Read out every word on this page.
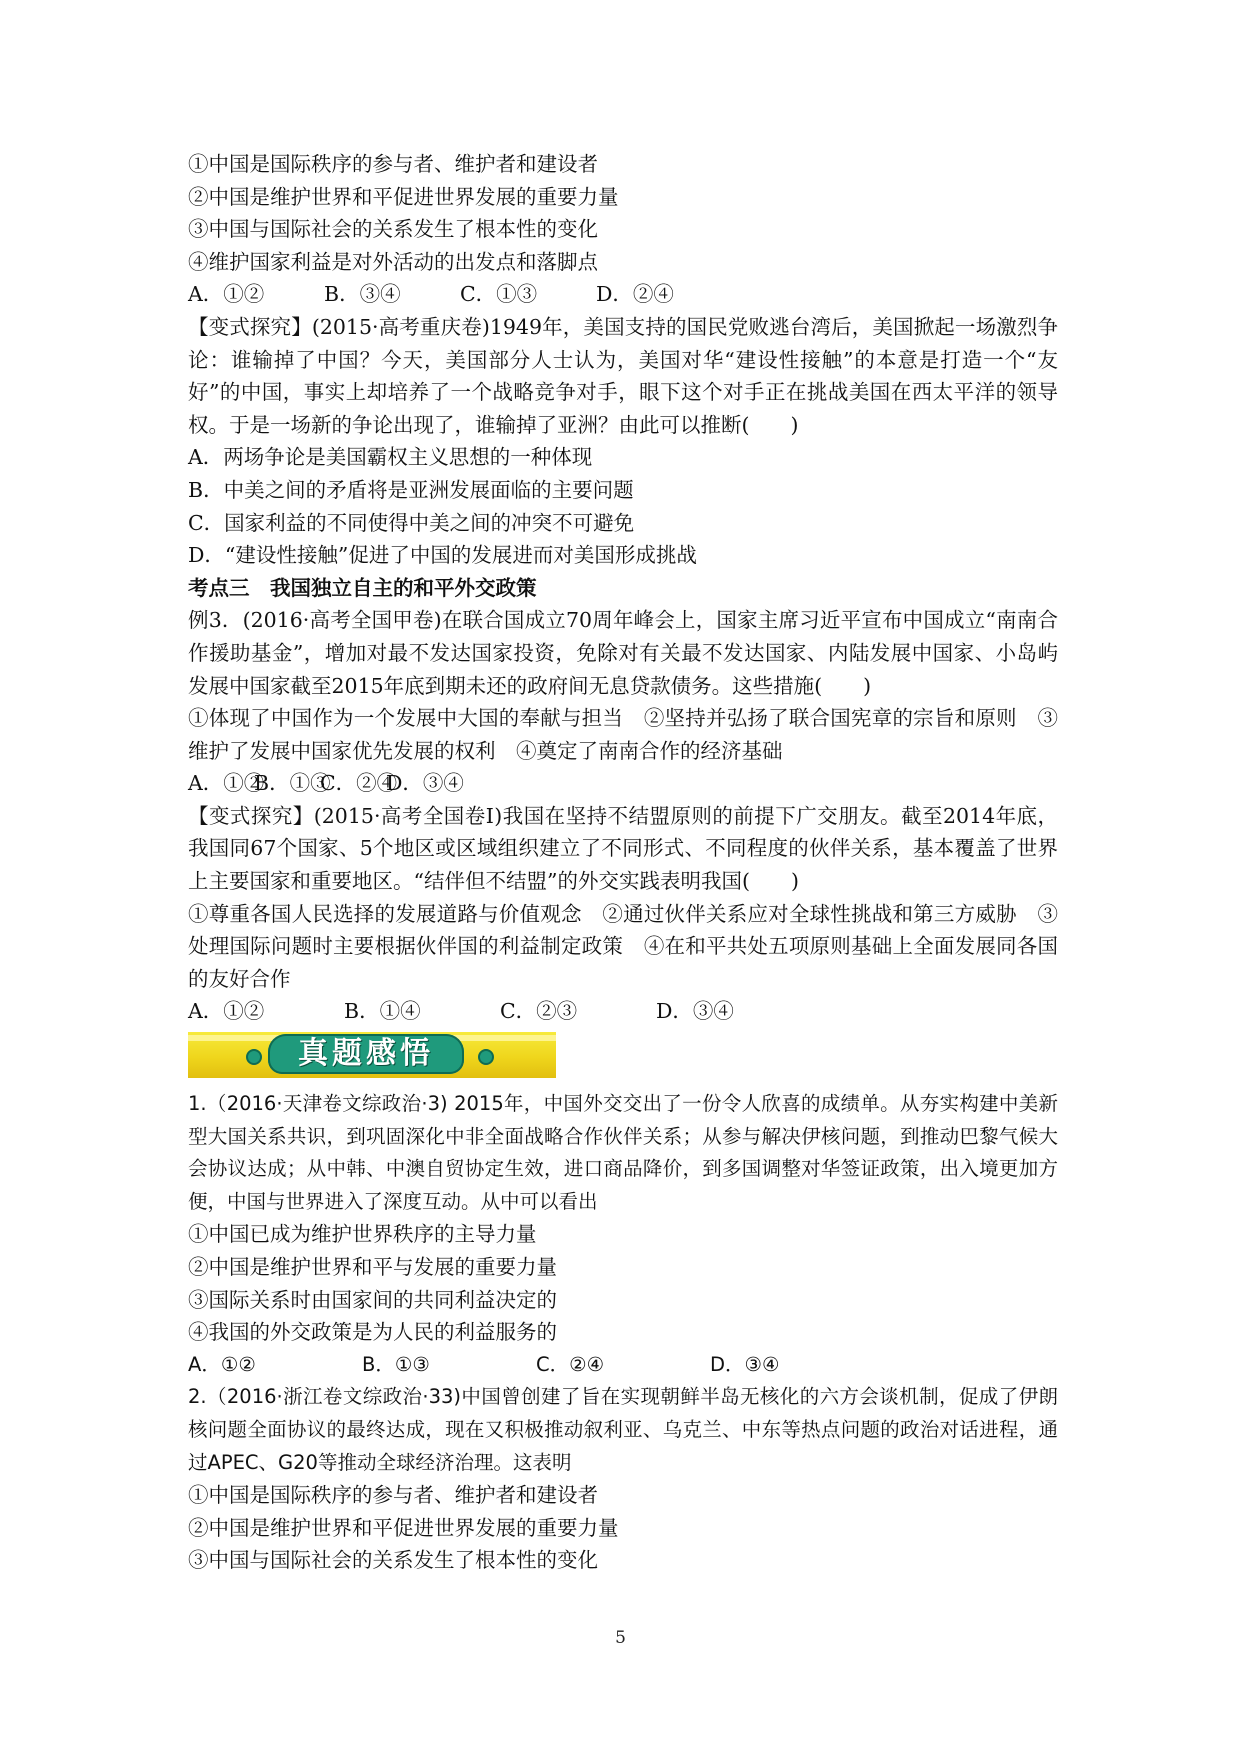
①中国是国际秩序的参与者、维护者和建设者
②中国是维护世界和平促进世界发展的重要力量
③中国与国际社会的关系发生了根本性的变化
④维护国家利益是对外活动的出发点和落脚点
A．①②	B．③④	C．①③	D．②④
【变式探究】(2015·高考重庆卷)1949年，美国支持的国民党败逃台湾后，美国掀起一场激烈争论：谁输掉了中国？今天，美国部分人士认为，美国对华“建设性接触”的本意是打造一个“友好”的中国，事实上却培养了一个战略竞争对手，眼下这个对手正在挑战美国在西太平洋的领导权。于是一场新的争论出现了，谁输掉了亚洲？由此可以推断(　　)
A．两场争论是美国霸权主义思想的一种体现
B．中美之间的矛盾将是亚洲发展面临的主要问题
C．国家利益的不同使得中美之间的冲突不可避免
D．“建设性接触”促进了中国的发展进而对美国形成挑战
考点三　我国独立自主的和平外交政策
例3．(2016·高考全国甲卷)在联合国成立70周年峰会上，国家主席习近平宣布中国成立“南南合作援助基金”，增加对最不发达国家投资，免除对有关最不发达国家、内陆发展中国家、小岛屿发展中国家截至2015年底到期未还的政府间无息贷款债务。这些措施(　　)
①体现了中国作为一个发展中大国的奉献与担当　②坚持并弘扬了联合国宪章的宗旨和原则　③维护了发展中国家优先发展的权利　④奠定了南南合作的经济基础
A．①②B．①③C．②④D．③④
【变式探究】(2015·高考全国卷Ⅰ)我国在坚持不结盟原则的前提下广交朋友。截至2014年底，我国同67个国家、5个地区或区域组织建立了不同形式、不同程度的伙伴关系，基本覆盖了世界上主要国家和重要地区。“结伴但不结盟”的外交实践表明我国(　　)
①尊重各国人民选择的发展道路与价值观念　②通过伙伴关系应对全球性挑战和第三方威胁　③处理国际问题时主要根据伙伴国的利益制定政策　④在和平共处五项原则基础上全面发展同各国的友好合作
A．①②	B．①④	C．②③	D．③④
真题感悟
1.（2016·天津卷文综政治·3) 2015年，中国外交交出了一份令人欣喜的成绩单。从夯实构建中美新型大国关系共识，到巩固深化中非全面战略合作伙伴关系；从参与解决伊核问题，到推动巴黎气候大会协议达成；从中韩、中澳自贸协定生效，进口商品降价，到多国调整对华签证政策，出入境更加方便，中国与世界进入了深度互动。从中可以看出
①中国已成为维护世界秩序的主导力量
②中国是维护世界和平与发展的重要力量
③国际关系时由国家间的共同利益决定的
④我国的外交政策是为人民的利益服务的
A．①②	B．①③	C．②④	D．③④
2.（2016·浙江卷文综政治·33)中国曾创建了旨在实现朝鲜半岛无核化的六方会谈机制，促成了伊朗核问题全面协议的最终达成，现在又积极推动叙利亚、乌克兰、中东等热点问题的政治对话进程，通过APEC、G20等推动全球经济治理。这表明
①中国是国际秩序的参与者、维护者和建设者
②中国是维护世界和平促进世界发展的重要力量
③中国与国际社会的关系发生了根本性的变化
5
